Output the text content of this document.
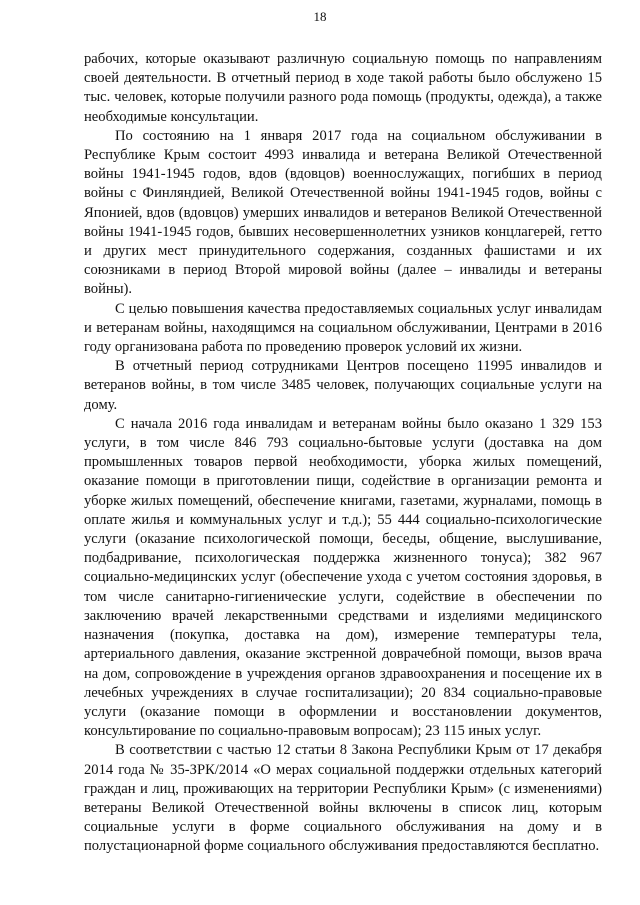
18

рабочих, которые оказывают различную социальную помощь по направлениям своей деятельности. В отчетный период в ходе такой работы было обслужено 15 тыс. человек, которые получили разного рода помощь (продукты, одежда), а также необходимые консультации.

По состоянию на 1 января 2017 года на социальном обслуживании в Республике Крым состоит 4993 инвалида и ветерана Великой Отечественной войны 1941-1945 годов, вдов (вдовцов) военнослужащих, погибших в период войны с Финляндией, Великой Отечественной войны 1941-1945 годов, войны с Японией, вдов (вдовцов) умерших инвалидов и ветеранов Великой Отечественной войны 1941-1945 годов, бывших несовершеннолетних узников концлагерей, гетто и других мест принудительного содержания, созданных фашистами и их союзниками в период Второй мировой войны (далее – инвалиды и ветераны войны).

С целью повышения качества предоставляемых социальных услуг инвалидам и ветеранам войны, находящимся на социальном обслуживании, Центрами в 2016 году организована работа по проведению проверок условий их жизни.

В отчетный период сотрудниками Центров посещено 11995 инвалидов и ветеранов войны, в том числе 3485 человек, получающих социальные услуги на дому.

С начала 2016 года инвалидам и ветеранам войны было оказано 1 329 153 услуги, в том числе 846 793 социально-бытовые услуги (доставка на дом промышленных товаров первой необходимости, уборка жилых помещений, оказание помощи в приготовлении пищи, содействие в организации ремонта и уборке жилых помещений, обеспечение книгами, газетами, журналами, помощь в оплате жилья и коммунальных услуг и т.д.); 55 444 социально-психологические услуги (оказание психологической помощи, беседы, общение, выслушивание, подбадривание, психологическая поддержка жизненного тонуса); 382 967 социально-медицинских услуг (обеспечение ухода с учетом состояния здоровья, в том числе санитарно-гигиенические услуги, содействие в обеспечении по заключению врачей лекарственными средствами и изделиями медицинского назначения (покупка, доставка на дом), измерение температуры тела, артериального давления, оказание экстренной доврачебной помощи, вызов врача на дом, сопровождение в учреждения органов здравоохранения и посещение их в лечебных учреждениях в случае госпитализации); 20 834 социально-правовые услуги (оказание помощи в оформлении и восстановлении документов, консультирование по социально-правовым вопросам); 23 115 иных услуг.

В соответствии с частью 12 статьи 8 Закона Республики Крым от 17 декабря 2014 года № 35-ЗРК/2014 «О мерах социальной поддержки отдельных категорий граждан и лиц, проживающих на территории Республики Крым» (с изменениями) ветераны Великой Отечественной войны включены в список лиц, которым социальные услуги в форме социального обслуживания на дому и в полустационарной форме социального обслуживания предоставляются бесплатно.
